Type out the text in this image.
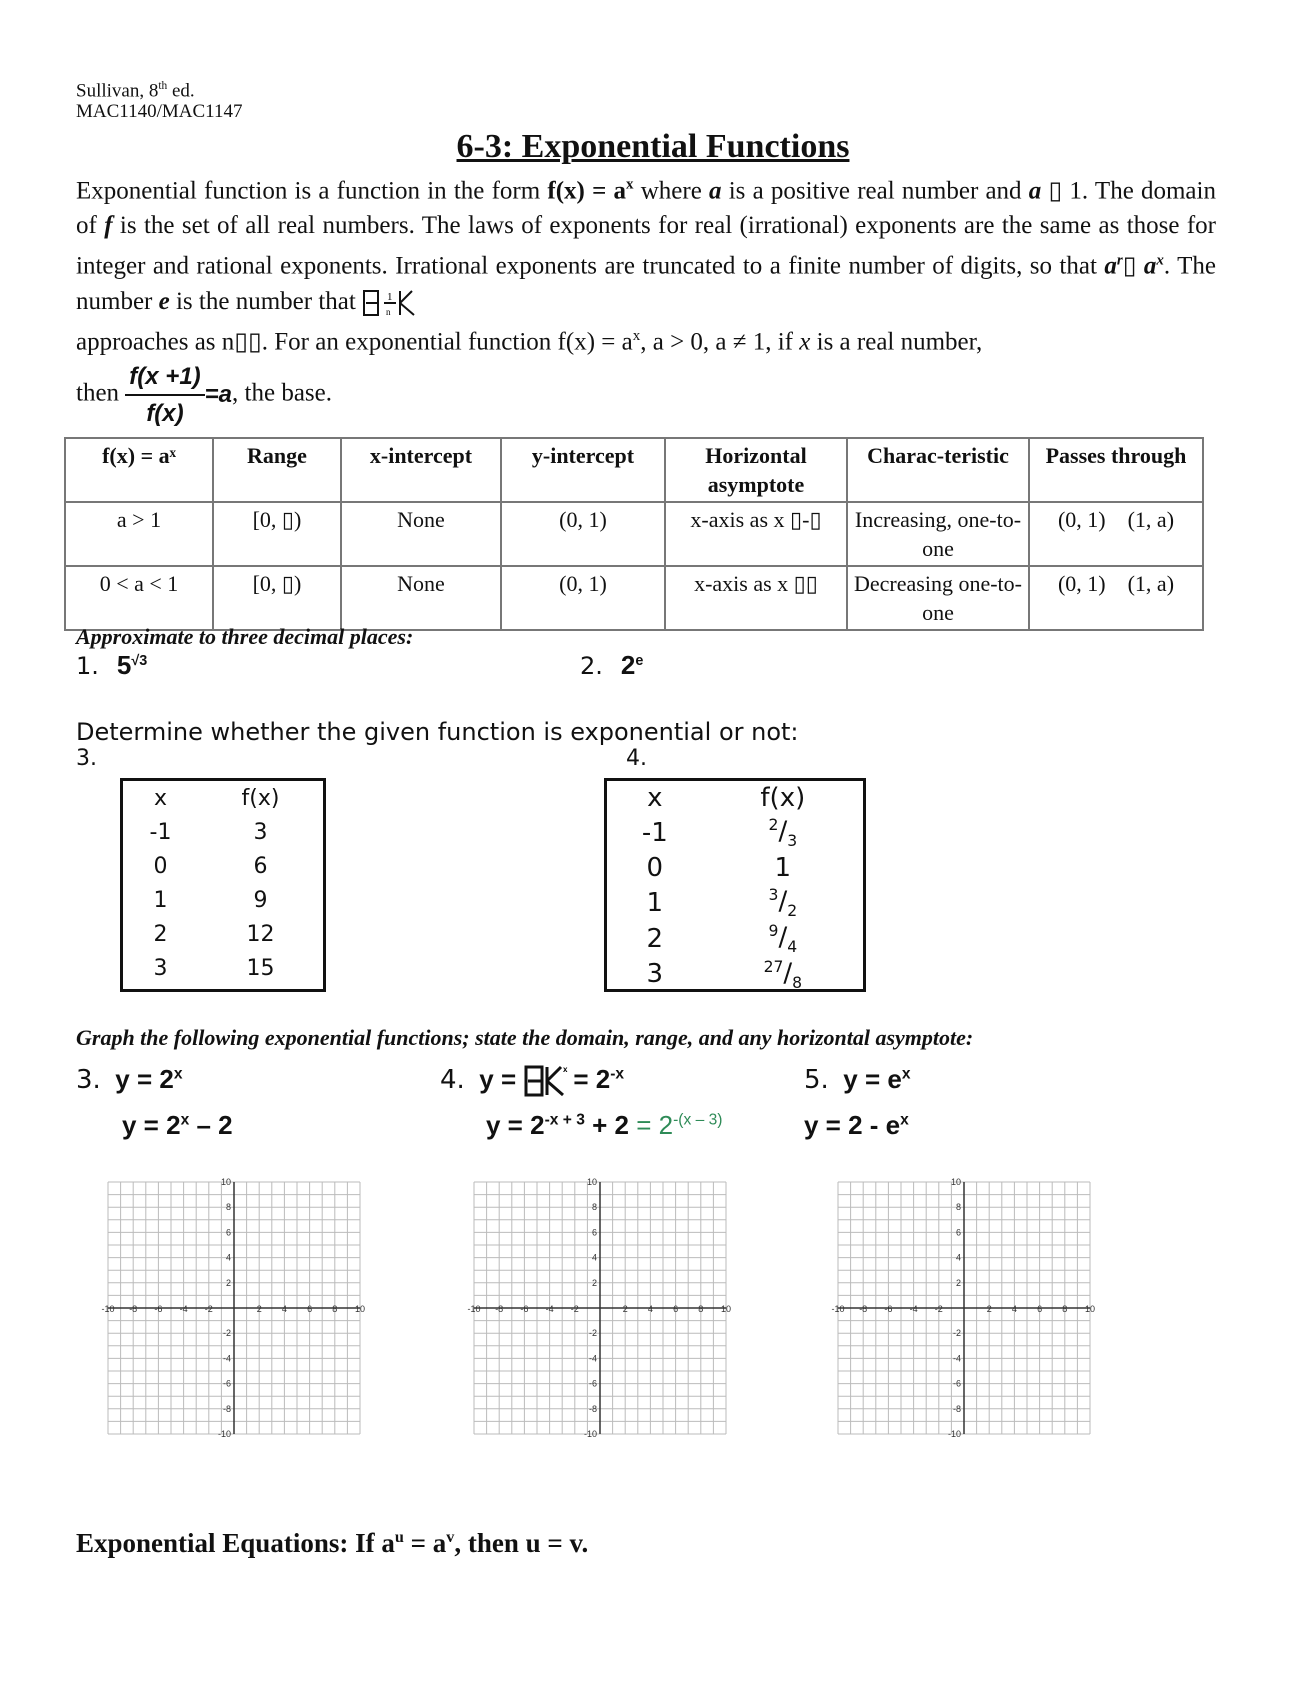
Sullivan, 8th ed.
MAC1140/MAC1147
6-3: Exponential Functions
Exponential function is a function in the form $f(x) = a^x$ where a is a positive real number and a ▯ 1. The domain of f is the set of all real numbers. The laws of exponents for real (irrational) exponents are the same as those for integer and rational exponents. Irrational exponents are truncated to a finite number of digits, so that $a^r▯$ $a^x$. The number e is the number that 1
n

approaches as n▯▯. For an exponential function $f(x) = a^x$, a > 0, a ≠ 1, if x is a real number,
then $\frac{f(x +1)}{f(x)} =a$, the base.
f(x) = aˣ	Range	x-intercept	y-intercept	Horizontal asymptote	Charac-teristic	Passes through
a > 1	[0, ▯)	None	(0, 1)	x-axis as x ▯-▯	Increasing, one-to-one	(0, 1)    (1, a)
0 < a < 1	[0, ▯)	None	(0, 1)	x-axis as x ▯▯	Decreasing one-to-one	(0, 1)    (1, a)
Approximate to three decimal places:
1. $5^{√3}$	2. 2e
Determine whether the given function is exponential or not:
3.	4.
x	f(x)
-1	3
0	6
1	9
2	12
3	15
x	f(x)
-1	$^2/_3$
0	1
1	$^3/_2$
2	$^9/_4$
3	$^{27}/_8$
Graph the following exponential functions; state the domain, range, and any horizontal asymptote:
3. $y = 2^x$
$y = 2^x - 2$
4. y =	$x = 2^{-x}$
$y = 2^{-x + 3} + 2 = 2^{-(x - 3)}$
5. $y = e^x$
$y = 2 - e^x$
-10 -8 -6 -4 -2	2 4 6 8 10
10
8
6
4
2
-2
-4
-6
-8
-10
-10 -8 -6 -4 -2	2 4 6 8 10
10
8
6
4
2
-2
-4
-6
-8
-10
-10 -8 -6 -4 -2	2 4 6 8 10
10
8
6
4
2
-2
-4
-6
-8
-10
Exponential Equations: If $a^u = a^v$, then u = v.
